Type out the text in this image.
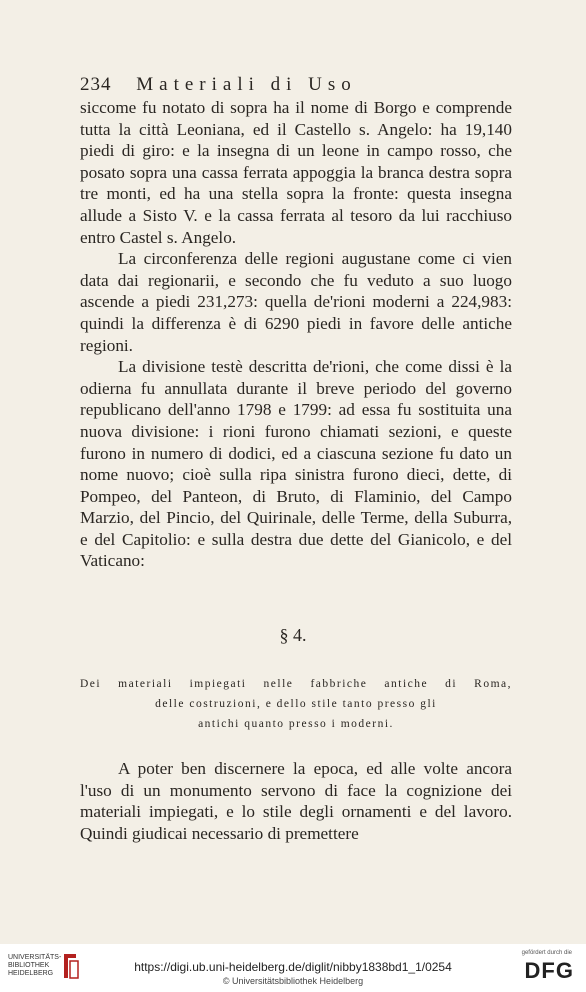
234 Materiali di Uso

siccome fu notato di sopra ha il nome di Borgo e comprende tutta la città Leoniana, ed il Castello s. Angelo: ha 19,140 piedi di giro: e la insegna di un leone in campo rosso, che posato sopra una cassa ferrata appoggia la branca destra sopra tre monti, ed ha una stella sopra la fronte: questa insegna allude a Sisto V. e la cassa ferrata al tesoro da lui racchiuso entro Castel s. Angelo.

La circonferenza delle regioni augustane come ci vien data dai regionarii, e secondo che fu veduto a suo luogo ascende a piedi 231,273: quella de'rioni moderni a 224,983: quindi la differenza è di 6290 piedi in favore delle antiche regioni.

La divisione testè descritta de'rioni, che come dissi è la odierna fu annullata durante il breve periodo del governo republicano dell'anno 1798 e 1799: ad essa fu sostituita una nuova divisione: i rioni furono chiamati sezioni, e queste furono in numero di dodici, ed a ciascuna sezione fu dato un nome nuovo; cioè sulla ripa sinistra furono dieci, dette, di Pompeo, del Panteon, di Bruto, di Flaminio, del Campo Marzio, del Pincio, del Quirinale, delle Terme, della Suburra, e del Capitolio: e sulla destra due dette del Gianicolo, e del Vaticano:

§ 4.
Dei materiali impiegati nelle fabbriche antiche di Roma,
delle costruzioni, e dello stile tanto presso gli
antichi quanto presso i moderni.

A poter ben discernere la epoca, ed alle volte ancora l'uso di un monumento servono di face la cognizione dei materiali impiegati, e lo stile degli ornamenti e del lavoro. Quindi giudicai necessario di premettere

UNIVERSITÄTS-
BIBLIOTHEK
HEIDELBERG	https://digi.ub.uni-heidelberg.de/diglit/nibby1838bd1_1/0254
© Universitätsbibliothek Heidelberg
gefördert durch die
DFG
